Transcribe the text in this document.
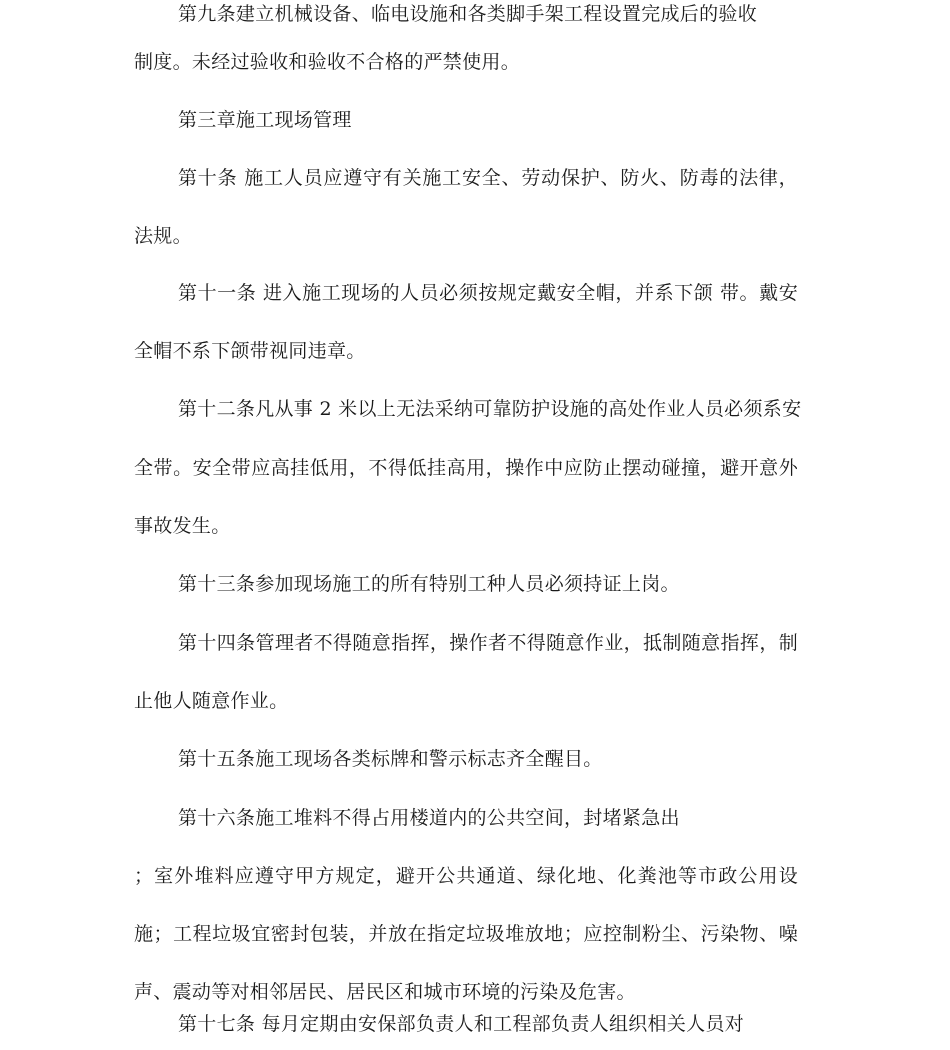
第九条建立机械设备、临电设施和各类脚手架工程设置完成后的验收
制度。未经过验收和验收不合格的严禁使用。
第三章施工现场管理
第十条 施工人员应遵守有关施工安全、劳动保护、防火、防毒的法律，
法规。
第十一条 进入施工现场的人员必须按规定戴安全帽，并系下颌 带。戴安
全帽不系下颌带视同违章。
第十二条凡从事 2 米以上无法采纳可靠防护设施的高处作业人员必须系安
全带。安全带应高挂低用，不得低挂高用，操作中应防止摆动碰撞，避开意外
事故发生。
第十三条参加现场施工的所有特别工种人员必须持证上岗。
第十四条管理者不得随意指挥，操作者不得随意作业，抵制随意指挥，制
止他人随意作业。
第十五条施工现场各类标牌和警示标志齐全醒目。
第十六条施工堆料不得占用楼道内的公共空间，封堵紧急出
；室外堆料应遵守甲方规定，避开公共通道、绿化地、化粪池等市政公用设
施；工程垃圾宜密封包装，并放在指定垃圾堆放地；应控制粉尘、污染物、噪
声、震动等对相邻居民、居民区和城市环境的污染及危害。
第十七条 每月定期由安保部负责人和工程部负责人组织相关人员对
